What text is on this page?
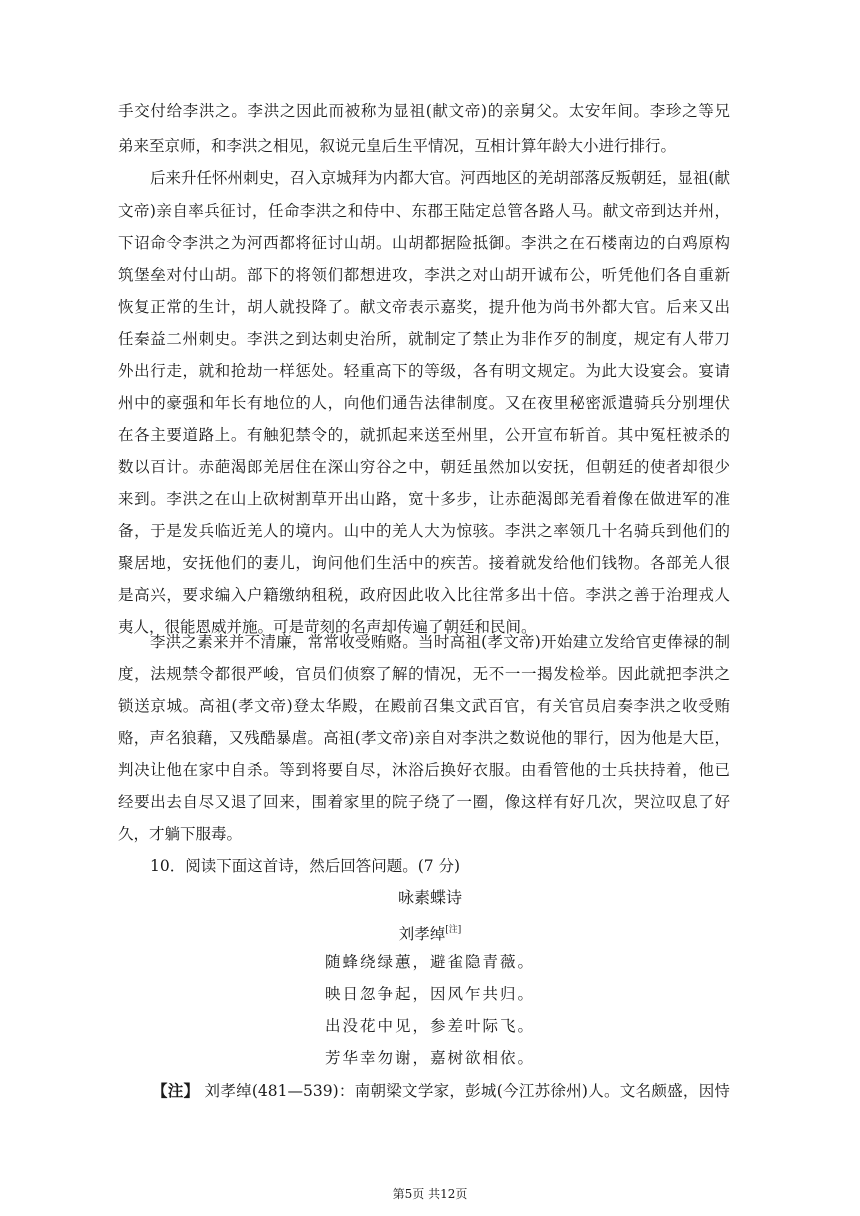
手交付给李洪之。李洪之因此而被称为显祖(献文帝)的亲舅父。太安年间。李珍之等兄
弟来至京师，和李洪之相见，叙说元皇后生平情况，互相计算年龄大小进行排行。
后来升任怀州刺史，召入京城拜为内都大官。河西地区的羌胡部落反叛朝廷，显祖(献
文帝)亲自率兵征讨，任命李洪之和侍中、东郡王陆定总管各路人马。献文帝到达并州，
下诏命令李洪之为河西都将征讨山胡。山胡都据险抵御。李洪之在石楼南边的白鸡原构
筑堡垒对付山胡。部下的将领们都想进攻，李洪之对山胡开诚布公，听凭他们各自重新
恢复正常的生计，胡人就投降了。献文帝表示嘉奖，提升他为尚书外都大官。后来又出
任秦益二州刺史。李洪之到达刺史治所，就制定了禁止为非作歹的制度，规定有人带刀
外出行走，就和抢劫一样惩处。轻重高下的等级，各有明文规定。为此大设宴会。宴请
州中的豪强和年长有地位的人，向他们通告法律制度。又在夜里秘密派遣骑兵分别埋伏
在各主要道路上。有触犯禁令的，就抓起来送至州里，公开宣布斩首。其中冤枉被杀的
数以百计。赤葩渴郎羌居住在深山穷谷之中，朝廷虽然加以安抚，但朝廷的使者却很少
来到。李洪之在山上砍树割草开出山路，宽十多步，让赤葩渴郎羌看着像在做进军的准
备，于是发兵临近羌人的境内。山中的羌人大为惊骇。李洪之率领几十名骑兵到他们的
聚居地，安抚他们的妻儿，询问他们生活中的疾苦。接着就发给他们钱物。各部羌人很
是高兴，要求编入户籍缴纳租税，政府因此收入比往常多出十倍。李洪之善于治理戎人
夷人，很能恩威并施。可是苛刻的名声却传遍了朝廷和民间。
李洪之素来并不清廉，常常收受贿赂。当时高祖(孝文帝)开始建立发给官吏俸禄的制
度，法规禁令都很严峻，官员们侦察了解的情况，无不一一揭发检举。因此就把李洪之
锁送京城。高祖(孝文帝)登太华殿，在殿前召集文武百官，有关官员启奏李洪之收受贿
赂，声名狼藉，又残酷暴虐。高祖(孝文帝)亲自对李洪之数说他的罪行，因为他是大臣，
判决让他在家中自杀。等到将要自尽，沐浴后换好衣服。由看管他的士兵扶持着，他已
经要出去自尽又退了回来，围着家里的院子绕了一圈，像这样有好几次，哭泣叹息了好
久，才躺下服毒。
10．阅读下面这首诗，然后回答问题。(7 分)
咏素蝶诗
刘孝绰[注]
随蜂绕绿蕙，避雀隐青薇。
映日忽争起，因风乍共归。
出没花中见，参差叶际飞。
芳华幸勿谢，嘉树欲相依。
【注】 刘孝绰(481—539)：南朝梁文学家，彭城(今江苏徐州)人。文名颇盛，因恃
第5页 共12页
